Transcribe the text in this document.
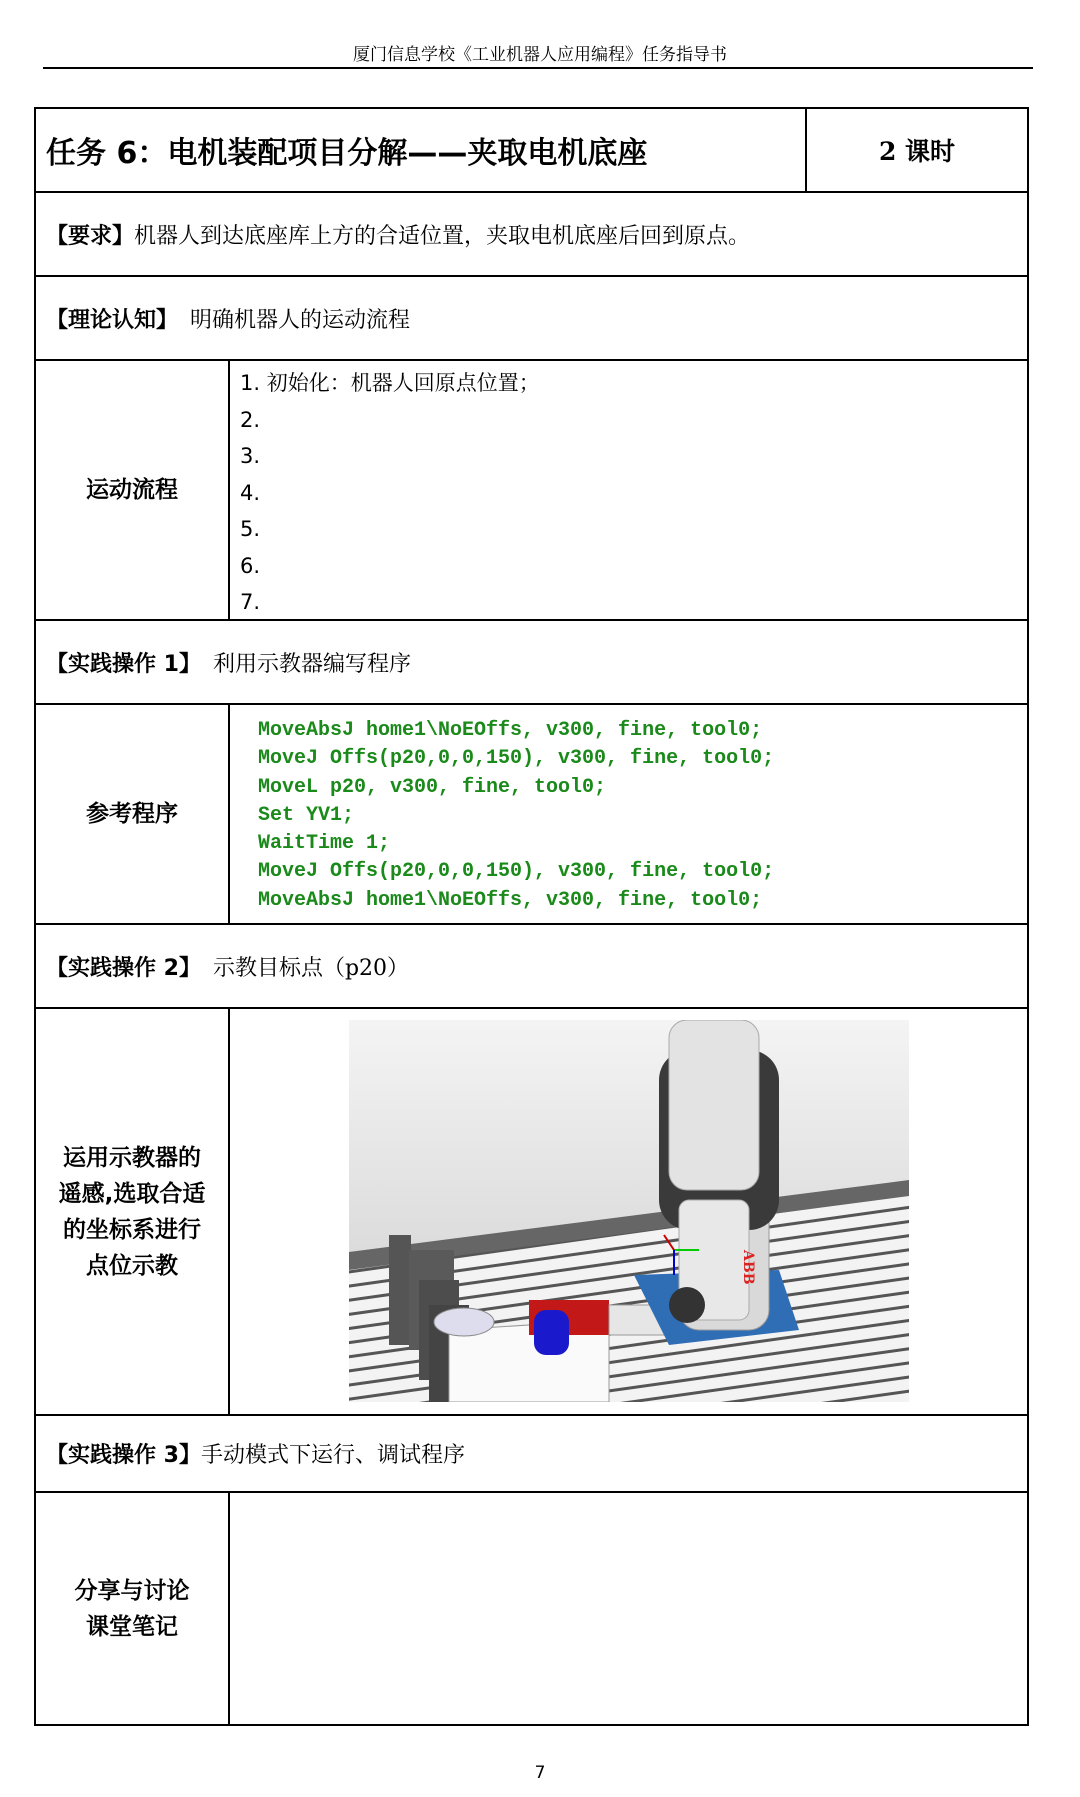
厦门信息学校《工业机器人应用编程》任务指导书
任务 6：电机装配项目分解——夹取电机底座	2 课时
【要求】 机器人到达底座库上方的合适位置，夹取电机底座后回到原点。
【理论认知】 明确机器人的运动流程
运动流程
1. 初始化：机器人回原点位置；
2.
3.
4.
5.
6.
7.
【实践操作 1】 利用示教器编写程序
参考程序
MoveAbsJ home1\NoEOffs, v300, fine, tool0;
MoveJ Offs(p20,0,0,150), v300, fine, tool0;
MoveL p20, v300, fine, tool0;
Set YV1;
WaitTime 1;
MoveJ Offs(p20,0,0,150), v300, fine, tool0;
MoveAbsJ home1\NoEOffs, v300, fine, tool0;
【实践操作 2】 示教目标点（p20）
运用示教器的
遥感,选取合适
的坐标系进行
点位示教	ABB
【实践操作 3】 手动模式下运行、调试程序
分享与讨论
课堂笔记
7
